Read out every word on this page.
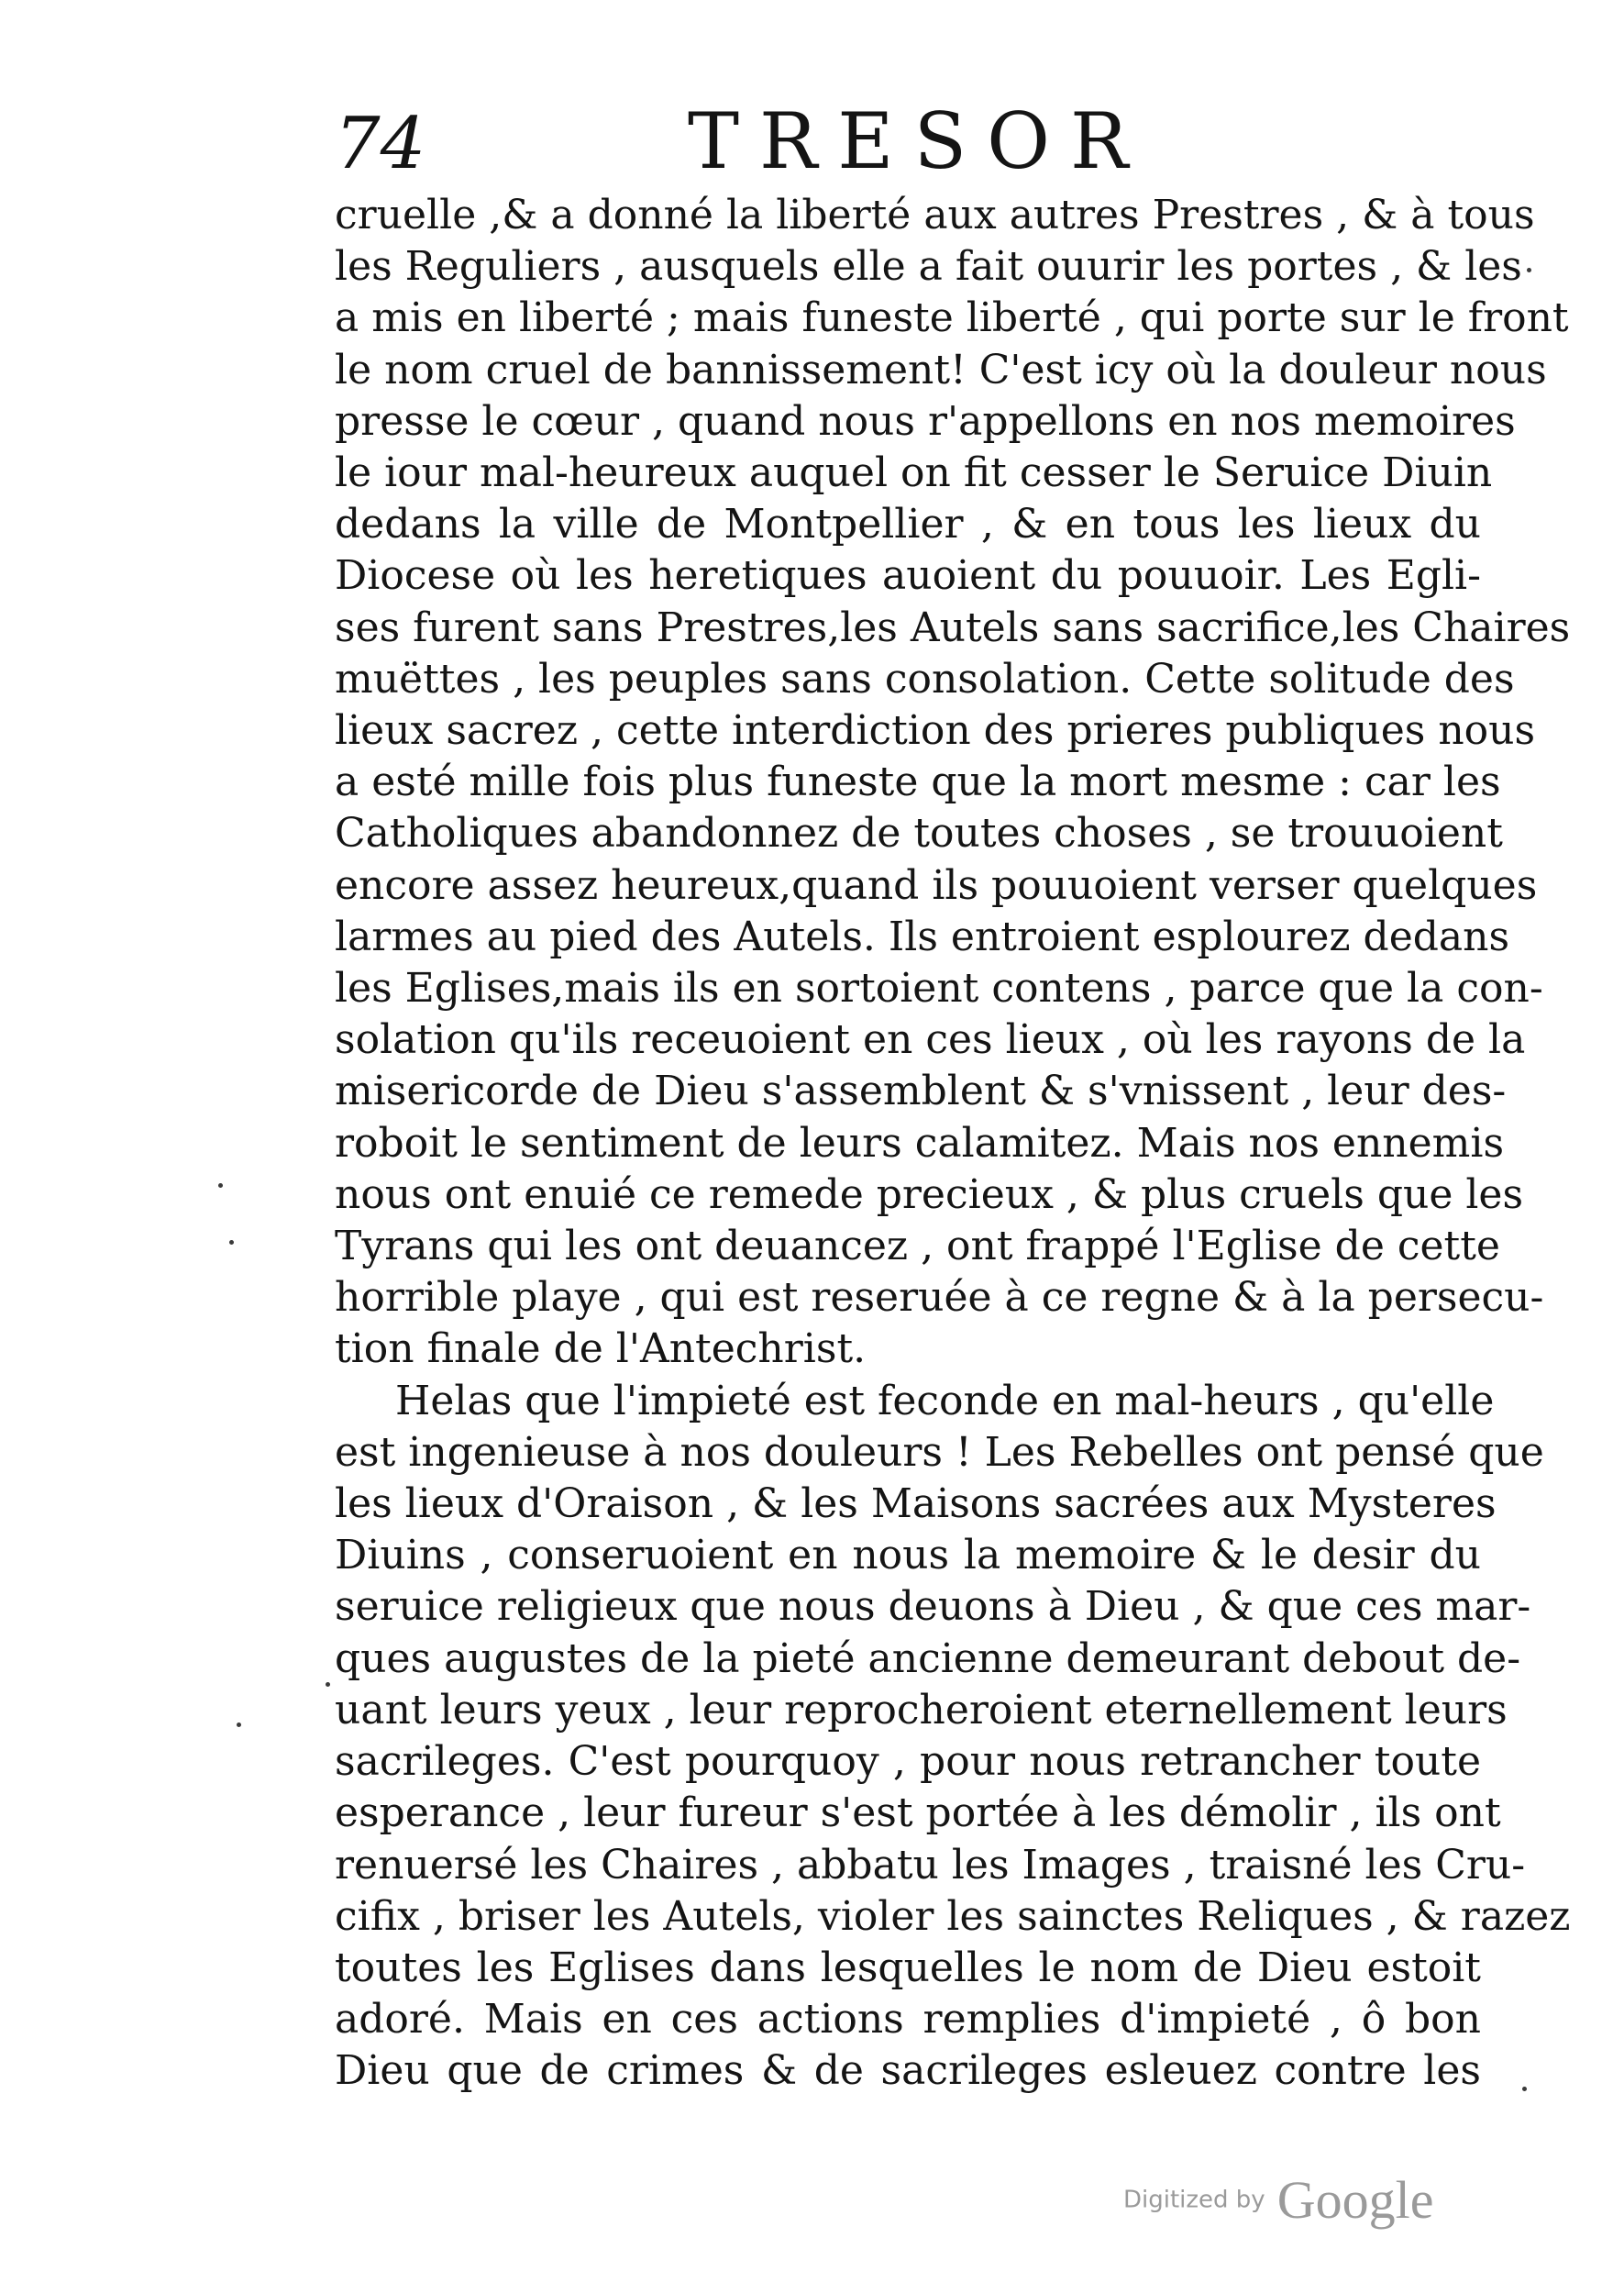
74	TRESOR
cruelle ,& a donné la liberté aux autres Prestres , & à tous
les Reguliers , ausquels elle a fait ouurir les portes , & les
a mis en liberté ; mais funeste liberté , qui porte sur le front
le nom cruel de bannissement! C'est icy où la douleur nous
presse le cœur , quand nous r'appellons en nos memoires
le iour mal-heureux auquel on fit cesser le Seruice Diuin
dedans la ville de Montpellier , & en tous les lieux du
Diocese où les heretiques auoient du pouuoir. Les Egli-
ses furent sans Prestres,les Autels sans sacrifice,les Chaires
muëttes , les peuples sans consolation. Cette solitude des
lieux sacrez , cette interdiction des prieres publiques nous
a esté mille fois plus funeste que la mort mesme : car les
Catholiques abandonnez de toutes choses , se trouuoient
encore assez heureux,quand ils pouuoient verser quelques
larmes au pied des Autels. Ils entroient esplourez dedans
les Eglises,mais ils en sortoient contens , parce que la con-
solation qu'ils receuoient en ces lieux , où les rayons de la
misericorde de Dieu s'assemblent & s'vnissent , leur des-
roboit le sentiment de leurs calamitez. Mais nos ennemis
nous ont enuié ce remede precieux , & plus cruels que les
Tyrans qui les ont deuancez , ont frappé l'Eglise de cette
horrible playe , qui est reseruée à ce regne & à la persecu-
tion finale de l'Antechrist.
Helas que l'impieté est feconde en mal-heurs , qu'elle
est ingenieuse à nos douleurs ! Les Rebelles ont pensé que
les lieux d'Oraison , & les Maisons sacrées aux Mysteres
Diuins , conseruoient en nous la memoire & le desir du
seruice religieux que nous deuons à Dieu , & que ces mar-
ques augustes de la pieté ancienne demeurant debout de-
uant leurs yeux , leur reprocheroient eternellement leurs
sacrileges. C'est pourquoy , pour nous retrancher toute
esperance , leur fureur s'est portée à les démolir , ils ont
renuersé les Chaires , abbatu les Images , traisné les Cru-
cifix , briser les Autels, violer les sainctes Reliques , & razez
toutes les Eglises dans lesquelles le nom de Dieu estoit
adoré. Mais en ces actions remplies d'impieté , ô bon
Dieu que de crimes & de sacrileges esleuez contre les
Digitized by Google
